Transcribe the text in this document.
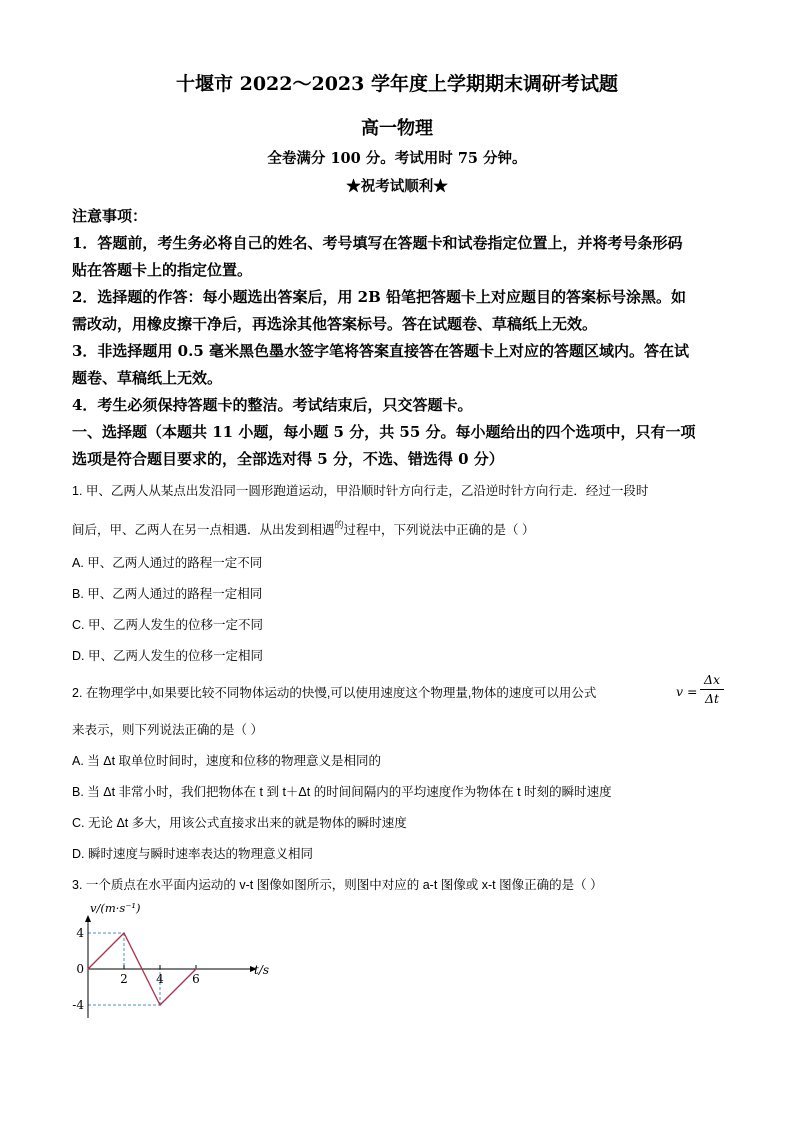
十堰市 2022～2023 学年度上学期期末调研考试题
高一物理
全卷满分 100 分。考试用时 75 分钟。
★祝考试顺利★
注意事项：
1．答题前，考生务必将自己的姓名、考号填写在答题卡和试卷指定位置上，并将考号条形码
贴在答题卡上的指定位置。
2．选择题的作答：每小题选出答案后，用 2B 铅笔把答题卡上对应题目的答案标号涂黑。如
需改动，用橡皮擦干净后，再选涂其他答案标号。答在试题卷、草稿纸上无效。
3．非选择题用 0.5 毫米黑色墨水签字笔将答案直接答在答题卡上对应的答题区域内。答在试
题卷、草稿纸上无效。
4．考生必须保持答题卡的整洁。考试结束后，只交答题卡。
一、选择题（本题共 11 小题，每小题 5 分，共 55 分。每小题给出的四个选项中，只有一项
选项是符合题目要求的，全部选对得 5 分，不选、错选得 0 分）
1. 甲、乙两人从某点出发沿同一圆形跑道运动，甲沿顺时针方向行走，乙沿逆时针方向行走．经过一段时
间后，甲、乙两人在另一点相遇．从出发到相遇$^的$过程中，下列说法中正确的是（ ）
A. 甲、乙两人通过的路程一定不同
B. 甲、乙两人通过的路程一定相同
C. 甲、乙两人发生的位移一定不同
D. 甲、乙两人发生的位移一定相同
2. 在物理学中,如果要比较不同物体运动的快慢,可以使用速度这个物理量,物体的速度可以用公式	v =
Δx
Δt
来表示，则下列说法正确的是（ ）
A. 当 Δt 取单位时间时，速度和位移的物理意义是相同的
B. 当 Δt 非常小时，我们把物体在 t 到 t＋Δt 的时间间隔内的平均速度作为物体在 t 时刻的瞬时速度
C. 无论 Δt 多大，用该公式直接求出来的就是物体的瞬时速度
D. 瞬时速度与瞬时速率表达的物理意义相同
3. 一个质点在水平面内运动的 v-t 图像如图所示，则图中对应的 a-t 图像或 x-t 图像正确的是（ ）
2 4 6
4
0
-4
v/(m·s⁻¹)
t/s
